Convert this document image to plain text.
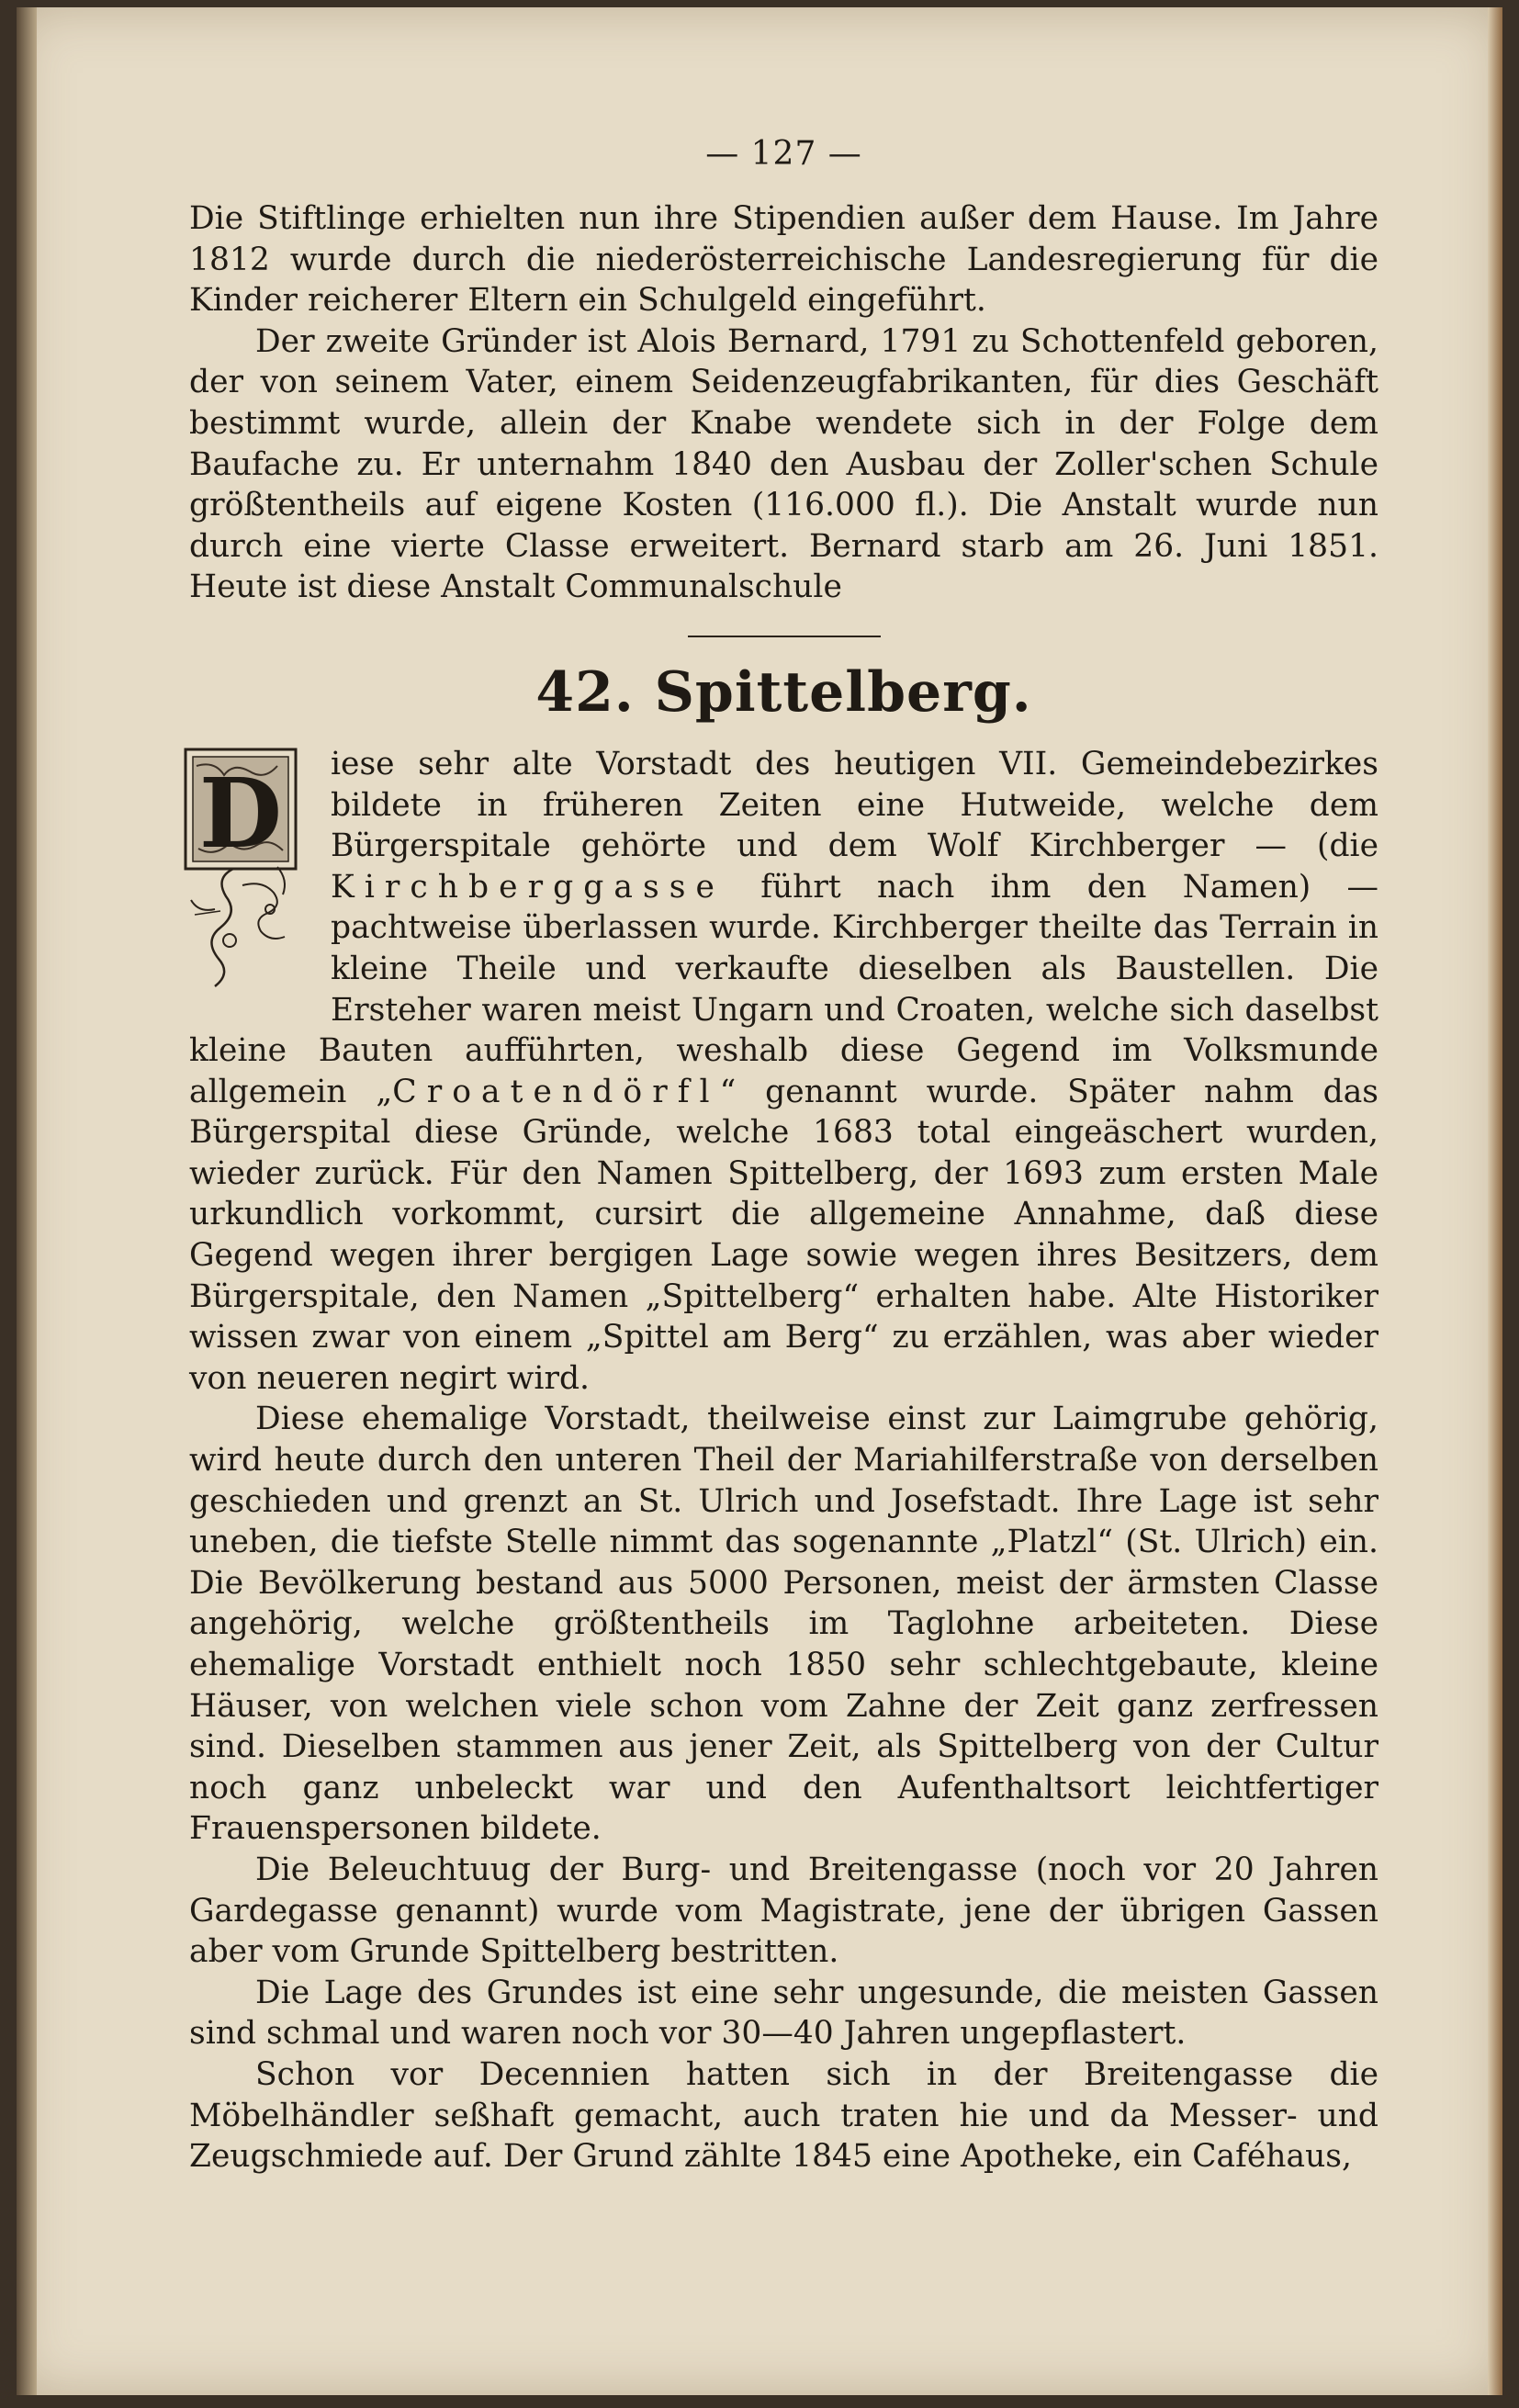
— 127 —

Die Stiftlinge erhielten nun ihre Stipendien außer dem Hause. Im Jahre 1812 wurde durch die niederösterreichische Landesregierung für die Kinder reicherer Eltern ein Schulgeld eingeführt.

Der zweite Gründer ist Alois Bernard, 1791 zu Schottenfeld geboren, der von seinem Vater, einem Seidenzeugfabrikanten, für dies Geschäft bestimmt wurde, allein der Knabe wendete sich in der Folge dem Baufache zu. Er unternahm 1840 den Ausbau der Zoller'schen Schule größtentheils auf eigene Kosten (116.000 fl.). Die Anstalt wurde nun durch eine vierte Classe erweitert. Bernard starb am 26. Juni 1851. Heute ist diese Anstalt Communalschule

42. Spittelberg.

D iese sehr alte Vorstadt des heutigen VII. Gemeindebezirkes bildete in früheren Zeiten eine Hutweide, welche dem Bürgerspitale gehörte und dem Wolf Kirchberger — (die Kirchberggasse führt nach ihm den Namen) — pachtweise überlassen wurde. Kirchberger theilte das Terrain in kleine Theile und verkaufte dieselben als Baustellen. Die Ersteher waren meist Ungarn und Croaten, welche sich daselbst kleine Bauten aufführten, weshalb diese Gegend im Volksmunde allgemein „Croatendörfl“ genannt wurde. Später nahm das Bürgerspital diese Gründe, welche 1683 total eingeäschert wurden, wieder zurück. Für den Namen Spittelberg, der 1693 zum ersten Male urkundlich vorkommt, cursirt die allgemeine Annahme, daß diese Gegend wegen ihrer bergigen Lage sowie wegen ihres Besitzers, dem Bürgerspitale, den Namen „Spittelberg“ erhalten habe. Alte Historiker wissen zwar von einem „Spittel am Berg“ zu erzählen, was aber wieder von neueren negirt wird.

Diese ehemalige Vorstadt, theilweise einst zur Laimgrube gehörig, wird heute durch den unteren Theil der Mariahilferstraße von derselben geschieden und grenzt an St. Ulrich und Josefstadt. Ihre Lage ist sehr uneben, die tiefste Stelle nimmt das sogenannte „Platzl“ (St. Ulrich) ein. Die Bevölkerung bestand aus 5000 Personen, meist der ärmsten Classe angehörig, welche größtentheils im Taglohne arbeiteten. Diese ehemalige Vorstadt enthielt noch 1850 sehr schlechtgebaute, kleine Häuser, von welchen viele schon vom Zahne der Zeit ganz zerfressen sind. Dieselben stammen aus jener Zeit, als Spittelberg von der Cultur noch ganz unbeleckt war und den Aufenthaltsort leichtfertiger Frauenspersonen bildete.

Die Beleuchtuug der Burg- und Breitengasse (noch vor 20 Jahren Gardegasse genannt) wurde vom Magistrate, jene der übrigen Gassen aber vom Grunde Spittelberg bestritten.

Die Lage des Grundes ist eine sehr ungesunde, die meisten Gassen sind schmal und waren noch vor 30—40 Jahren ungepflastert.

Schon vor Decennien hatten sich in der Breitengasse die Möbelhändler seßhaft gemacht, auch traten hie und da Messer- und Zeugschmiede auf. Der Grund zählte 1845 eine Apotheke, ein Caféhaus,
